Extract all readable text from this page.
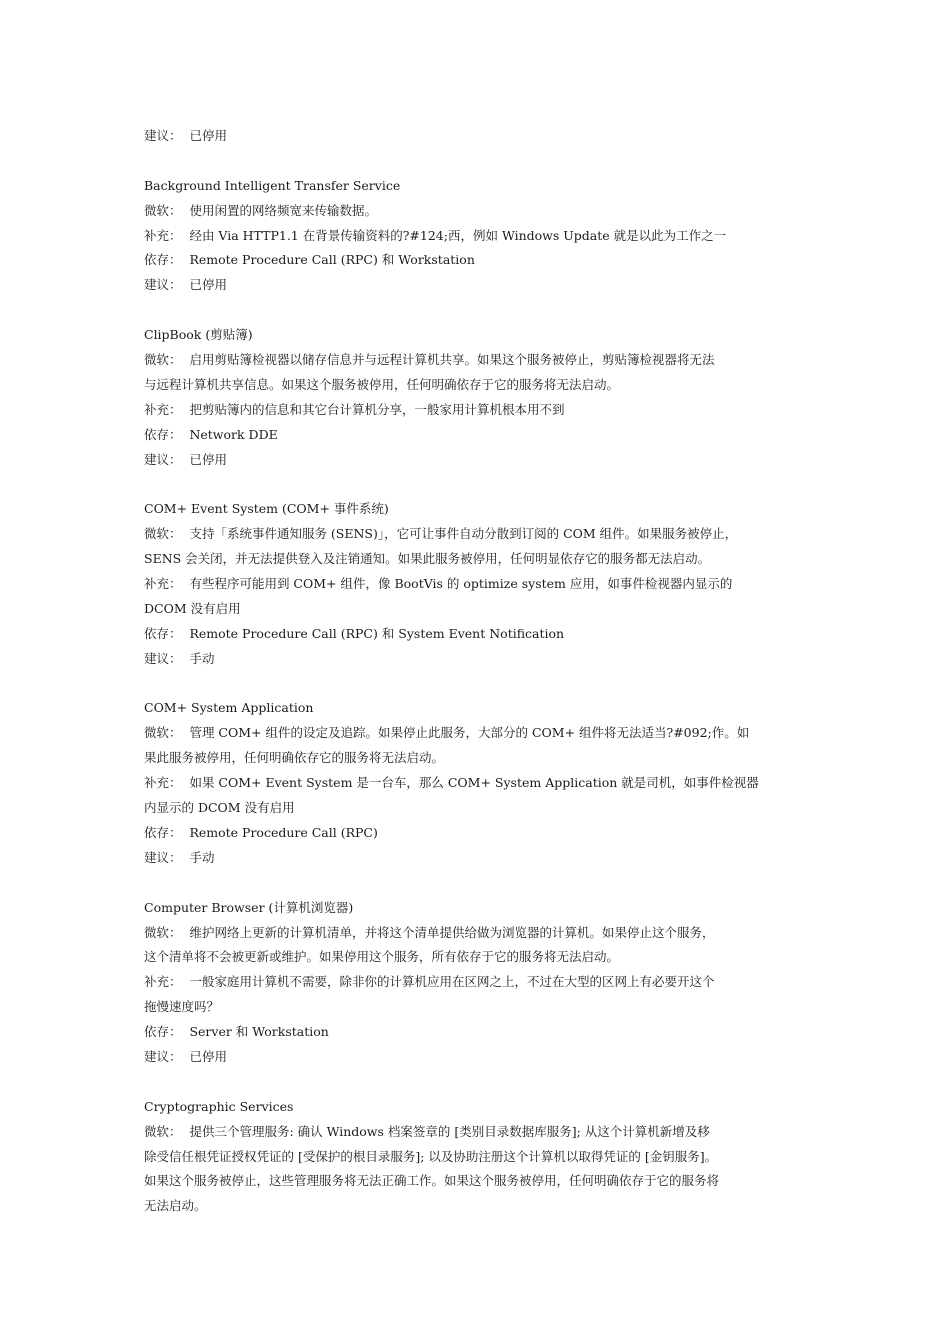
建议：  已停用

Background Intelligent Transfer Service

微软：  使用闲置的网络频宽来传输数据。

补充：  经由 Via HTTP1.1 在背景传输资料的?#124;西，例如 Windows Update 就是以此为工作之一

依存：  Remote Procedure Call (RPC) 和 Workstation

建议：  已停用

ClipBook (剪贴簿)

微软：  启用剪贴簿检视器以储存信息并与远程计算机共享。如果这个服务被停止，剪贴簿检视器将无法

与远程计算机共享信息。如果这个服务被停用，任何明确依存于它的服务将无法启动。

补充：  把剪贴簿内的信息和其它台计算机分享，一般家用计算机根本用不到

依存：  Network DDE

建议：  已停用

COM+ Event System (COM+ 事件系统)

微软：  支持「系统事件通知服务 (SENS)」，它可让事件自动分散到订阅的 COM 组件。如果服务被停止，

SENS 会关闭，并无法提供登入及注销通知。如果此服务被停用，任何明显依存它的服务都无法启动。

补充：  有些程序可能用到 COM+ 组件，像 BootVis 的 optimize system 应用，如事件检视器内显示的

DCOM 没有启用

依存：  Remote Procedure Call (RPC) 和 System Event Notification

建议：  手动

COM+ System Application

微软：  管理 COM+ 组件的设定及追踪。如果停止此服务，大部分的 COM+ 组件将无法适当?#092;作。如

果此服务被停用，任何明确依存它的服务将无法启动。

补充：  如果 COM+ Event System 是一台车，那么 COM+ System Application 就是司机，如事件检视器

内显示的 DCOM 没有启用

依存：  Remote Procedure Call (RPC)

建议：  手动

Computer Browser (计算机浏览器)

微软：  维护网络上更新的计算机清单，并将这个清单提供给做为浏览器的计算机。如果停止这个服务，

这个清单将不会被更新或维护。如果停用这个服务，所有依存于它的服务将无法启动。

补充：  一般家庭用计算机不需要，除非你的计算机应用在区网之上，不过在大型的区网上有必要开这个

拖慢速度吗？

依存：  Server 和 Workstation

建议：  已停用

Cryptographic Services

微软：  提供三个管理服务: 确认 Windows 档案签章的 [类别目录数据库服务]; 从这个计算机新增及移

除受信任根凭证授权凭证的 [受保护的根目录服务]; 以及协助注册这个计算机以取得凭证的 [金钥服务]。

如果这个服务被停止，这些管理服务将无法正确工作。如果这个服务被停用，任何明确依存于它的服务将

无法启动。
